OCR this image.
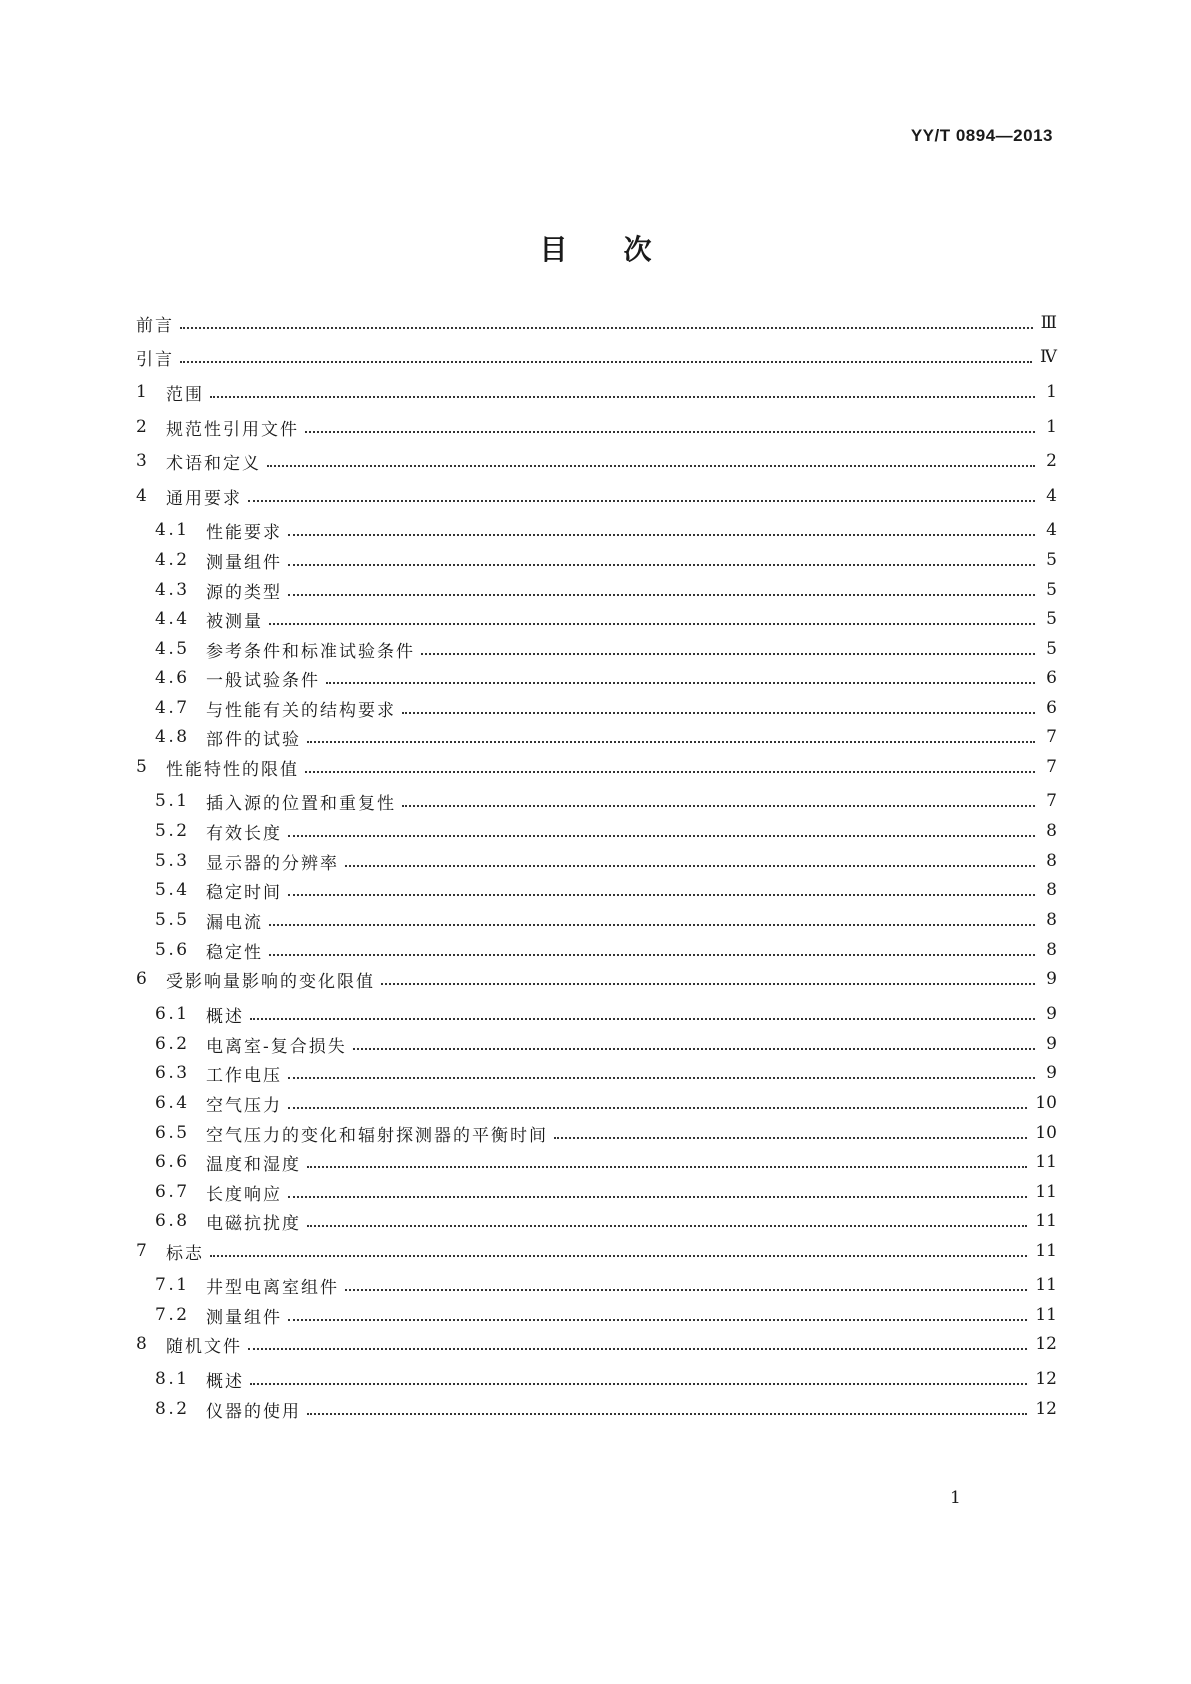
YY/T 0894—2013
目次
前言	Ⅲ
引言	Ⅳ
1	范围	1
2	规范性引用文件	1
3	术语和定义	2
4	通用要求	4
4.1 性能要求	4
4.2 测量组件	5
4.3 源的类型	5
4.4 被测量	5
4.5 参考条件和标准试验条件	5
4.6 一般试验条件	6
4.7 与性能有关的结构要求	6
4.8 部件的试验	7
5	性能特性的限值	7
5.1 插入源的位置和重复性	7
5.2 有效长度	8
5.3 显示器的分辨率	8
5.4 稳定时间	8
5.5 漏电流	8
5.6 稳定性	8
6	受影响量影响的变化限值	9
6.1 概述	9
6.2 电离室-复合损失	9
6.3 工作电压	9
6.4 空气压力	10
6.5 空气压力的变化和辐射探测器的平衡时间	10
6.6 温度和湿度	11
6.7 长度响应	11
6.8 电磁抗扰度	11
7	标志	11
7.1 井型电离室组件	11
7.2 测量组件	11
8	随机文件	12
8.1 概述	12
8.2 仪器的使用	12
1
